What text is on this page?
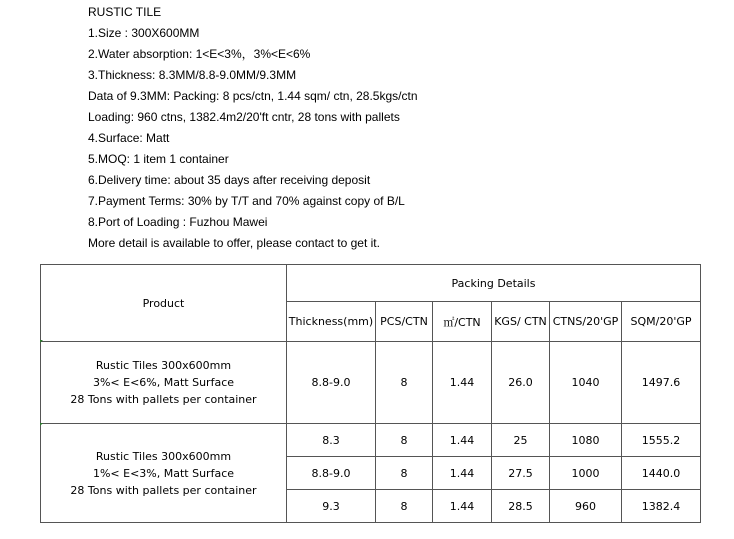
RUSTIC TILE
1.Size : 300X600MM
2.Water absorption: 1<E<3%，3%<E<6%
3.Thickness: 8.3MM/8.8-9.0MM/9.3MM
Data of 9.3MM: Packing: 8 pcs/ctn, 1.44 sqm/ ctn, 28.5kgs/ctn
Loading: 960 ctns, 1382.4m2/20'ft cntr, 28 tons with pallets
4.Surface: Matt
5.MOQ: 1 item 1 container
6.Delivery time: about 35 days after receiving deposit
7.Payment Terms: 30% by T/T and 70% against copy of B/L
8.Port of Loading : Fuzhou Mawei
More detail is available to offer, please contact to get it.
Product	Packing Details					
	Thickness(mm)	PCS/CTN	㎡/CTN	KGS/ CTN	CTNS/20'GP	SQM/20'GP

Rustic Tiles 300x600mm
3%< E<6%, Matt Surface
28 Tons with pallets per container	8.8-9.0	8	1.44	26.0	1040	1497.6

Rustic Tiles 300x600mm
1%< E<3%, Matt Surface
28 Tons with pallets per container	8.3	8	1.44	25	1080	1555.2
	8.8-9.0	8	1.44	27.5	1000	1440.0
	9.3	8	1.44	28.5	960	1382.4
